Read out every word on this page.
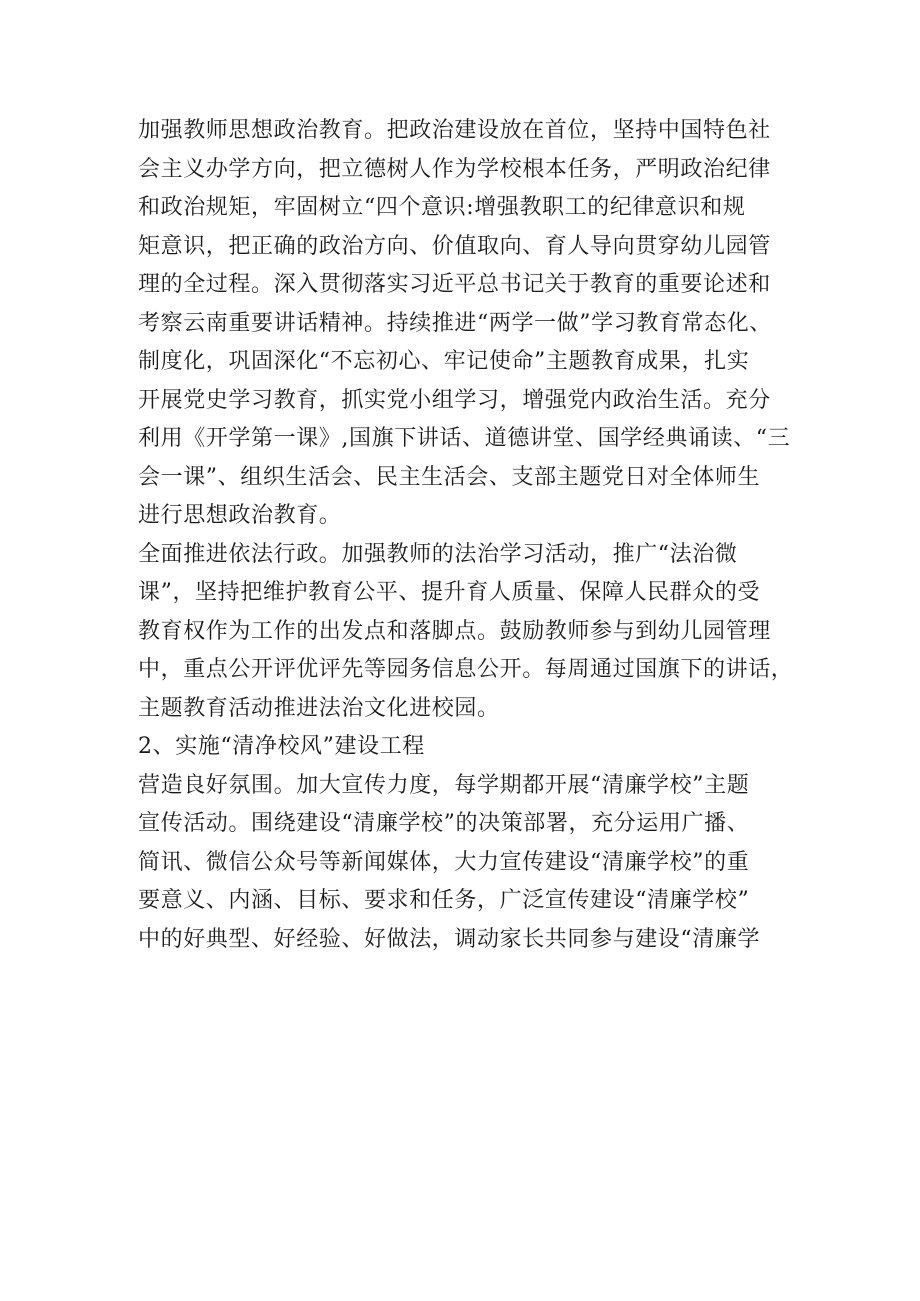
加强教师思想政治教育。把政治建设放在首位，坚持中国特色社
会主义办学方向，把立德树人作为学校根本任务，严明政治纪律
和政治规矩，牢固树立“四个意识:增强教职工的纪律意识和规
矩意识，把正确的政治方向、价值取向、育人导向贯穿幼儿园管
理的全过程。深入贯彻落实习近平总书记关于教育的重要论述和
考察云南重要讲话精神。持续推进“两学一做”学习教育常态化、
制度化，巩固深化“不忘初心、牢记使命”主题教育成果，扎实
开展党史学习教育，抓实党小组学习，增强党内政治生活。充分
利用《开学第一课》,国旗下讲话、道德讲堂、国学经典诵读、“三
会一课”、组织生活会、民主生活会、支部主题党日对全体师生
进行思想政治教育。
全面推进依法行政。加强教师的法治学习活动，推广“法治微
课”，坚持把维护教育公平、提升育人质量、保障人民群众的受
教育权作为工作的出发点和落脚点。鼓励教师参与到幼儿园管理
中，重点公开评优评先等园务信息公开。每周通过国旗下的讲话，
主题教育活动推进法治文化进校园。
2、实施“清净校风”建设工程
营造良好氛围。加大宣传力度，每学期都开展“清廉学校”主题
宣传活动。围绕建设“清廉学校”的决策部署，充分运用广播、
简讯、微信公众号等新闻媒体，大力宣传建设“清廉学校”的重
要意义、内涵、目标、要求和任务，广泛宣传建设“清廉学校”
中的好典型、好经验、好做法，调动家长共同参与建设“清廉学
